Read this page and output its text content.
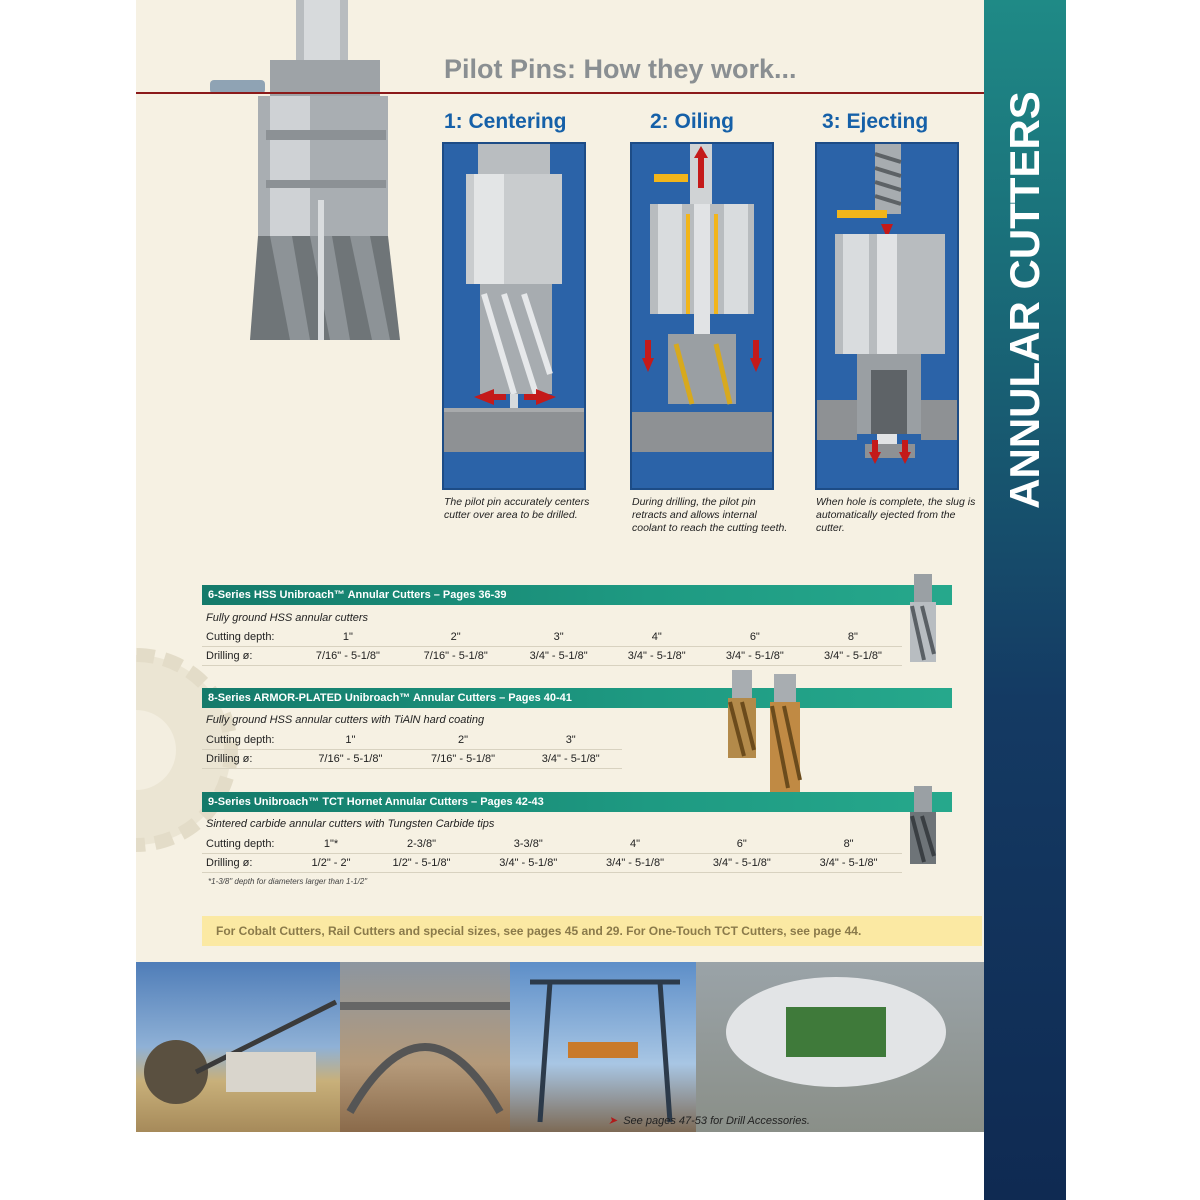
ANNULAR CUTTERS
Pilot Pins: How they work...
1: Centering
The pilot pin accurately centers cutter over area to be drilled.
2: Oiling
During drilling, the pilot pin retracts and allows internal coolant to reach the cutting teeth.
3: Ejecting
When hole is complete, the slug is automatically ejected from the cutter.
6-Series HSS Unibroach™ Annular Cutters – Pages 36-39
Fully ground HSS annular cutters
Cutting depth:	1"	2"	3"	4"	6"	8"
Drilling ø:	7/16" - 5-1/8"	7/16" - 5-1/8"	3/4" - 5-1/8"	3/4" - 5-1/8"	3/4" - 5-1/8"	3/4" - 5-1/8"
8-Series ARMOR-PLATED Unibroach™ Annular Cutters – Pages 40-41
Fully ground HSS annular cutters with TiAlN hard coating
Cutting depth:	1"	2"	3"
Drilling ø:	7/16" - 5-1/8"	7/16" - 5-1/8"	3/4" - 5-1/8"
9-Series Unibroach™ TCT Hornet Annular Cutters – Pages 42-43
Sintered carbide annular cutters with Tungsten Carbide tips
Cutting depth:	1"*	2-3/8"	3-3/8"	4"	6"	8"
Drilling ø:	1/2" - 2"	1/2" - 5-1/8"	3/4" - 5-1/8"	3/4" - 5-1/8"	3/4" - 5-1/8"	3/4" - 5-1/8"
*1-3/8" depth for diameters larger than 1-1/2"
For Cobalt Cutters, Rail Cutters and special sizes, see pages 45 and 29. For One-Touch TCT Cutters, see page 44.
➤ See pages 47-53 for Drill Accessories.
